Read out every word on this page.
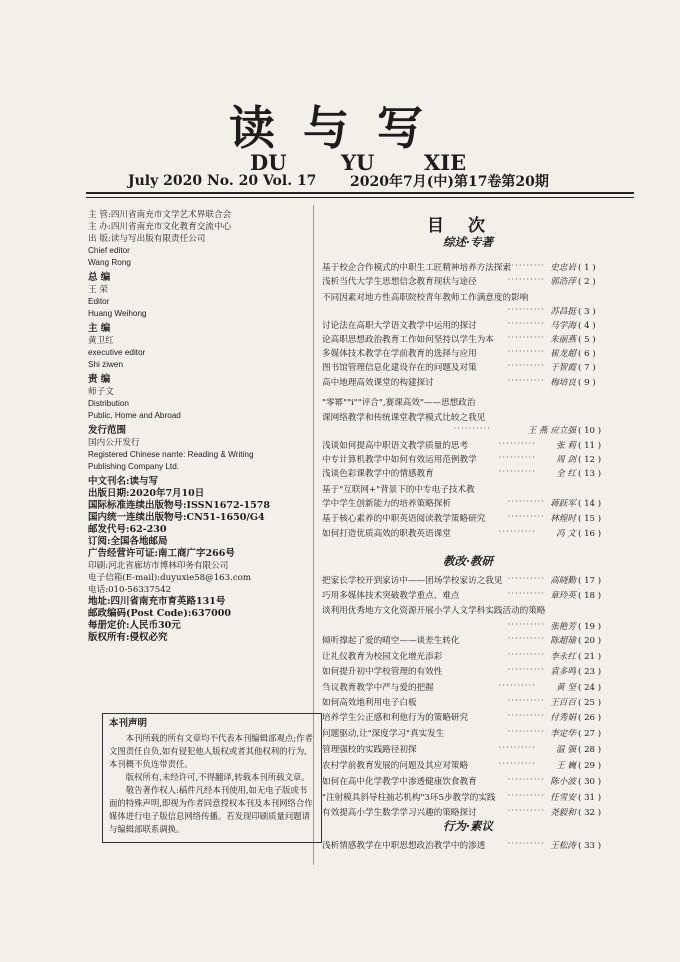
读与写
DU	YU XIE
July 2020 No. 20 Vol. 17 2020年7月(中)第17卷第20期
主 管:四川省南充市文学艺术界联合会
主 办:四川省南充市文化教育交流中心
出 版:读与写出版有限责任公司
Chief editor
Wang Rong
总 编
王 荣
Editor
Huang Weihong
主 编
黄卫红
executive editor
Shi ziwen
责 编
师子文
Distribution
Public, Home and Abroad
发行范围
国内公开发行
Registered Chinese narrle: Reading & Writing
Publishing Company Ltd.
中文刊名:读与写
出版日期:2020年7月10日
国际标准连续出版物号:ISSN1672-1578
国内统一连续出版物号:CN51-1650/G4
邮发代号:62-230
订阅:全国各地邮局
广告经营许可证:南工商广字266号
印刷:河北省廊坊市博林印务有限公司
电子信箱(E-mail):duyuxie58@163.com
电话:010-56337542
地址:四川省南充市育英路131号
邮政编码(Post Code):637000
每册定价:人民币30元
版权所有:侵权必究
本刊声明

本刊所载的所有文章均不代表本刊编辑部观点;作者文图责任自负,如有侵犯他人版权或者其他权利的行为,本刊概不负连带责任。

版权所有,未经许可,不得翻译,转载本刊所载文章。

敬告著作权人:稿件凡经本刊使用,如无电子版或书面的特殊声明,即视为作者同意授权本刊及本刊网络合作媒体进行电子版信息网络传播。若发现印刷质量问题请与编辑部联系调换。

目次
综述·专著
教改·教研
行为·素议
基于校企合作模式的中职生工匠精神培养方法探索
·········· 史忠岩 ( 1 )
浅析当代大学生思想信念教育现状与途径	·········· 郭浩萍 ( 2 )
不同因素对地方性高职院校青年教师工作满意度的影响
·········· 苏昌挺 ( 3 )
讨论法在高职大学语文教学中运用的探讨	·········· 马学海 ( 4 )
论高职思想政治教育工作如何坚持以学生为本 ·········· 朱丽燕 ( 5 )
多媒体技术教学在学前教育的选择与应用	·········· 崔龙超 ( 6 )
图书馆管理信息化建设存在的问题及对策	·········· 于智霞 ( 7 )
高中地理高效课堂的构建探讨	·········· 梅培良 ( 9 )
"零幂""i""评合",赛课高效"——思想政治
课网络教学和传统课堂教学模式比较之我见
··········	王 燕 应立强 ( 10 )
浅谈如何提高中职语文教学质量的思考	·········· 张 莉 ( 11 )
中专计算机教学中如何有效运用范例教学	·········· 周 剑 ( 12 )
浅谈色彩课教学中的情感教育	·········· 全 红 ( 13 )
基于"互联网+"背景下的中专电子技术教
学中学生创新能力的培养策略探析	·········· 蒋跃军 ( 14 )
基于核心素养的中职英语阅读教学策略研究	·········· 林煌时 ( 15 )
如何打造优质高效的职教英语课堂	·········· 冯 文 ( 16 )
把家长学校开到家访中——团场学校家访之我见 ·········· 高晓勤 ( 17 )
巧用多媒体技术突破教学重点、难点	·········· 章玲英 ( 18 )
谈利用优秀地方文化资源开展小学人文学科实践活动的策略
·········· 张艳芳 ( 19 )
倾听撑起了爱的晴空——谈差生转化	·········· 陈超瑜 ( 20 )
让礼仪教育为校园文化增光添彩	·········· 李永红 ( 21 )
如何提升初中学校管理的有效性	·········· 袁多鸣 ( 23 )
刍议教育教学中严与爱的把握	·········· 黄 坚 ( 24 )
如何高效地利用电子白板	·········· 王百百 ( 25 )
培养学生公正感和利他行为的策略研究	·········· 付秀娟 ( 26 )
问题驱动,让"深度学习"真实发生	·········· 李定华 ( 27 )
管理强校的实践路径初探	·········· 温 强 ( 28 )
农村学前教育发展的问题及其应对策略	·········· 王 巍 ( 29 )
如何在高中化学教学中渗透健康饮食教育	·········· 陈小波 ( 30 )
"注射模具斜导柱抽芯机构"3环5步教学的实践 ·········· 任雪安 ( 31 )
有效提高小学生数学学习兴趣的策略探讨	·········· 尧毅和 ( 32 )
浅析情感教学在中职思想政治教学中的渗透	·········· 王松涛 ( 33 )
